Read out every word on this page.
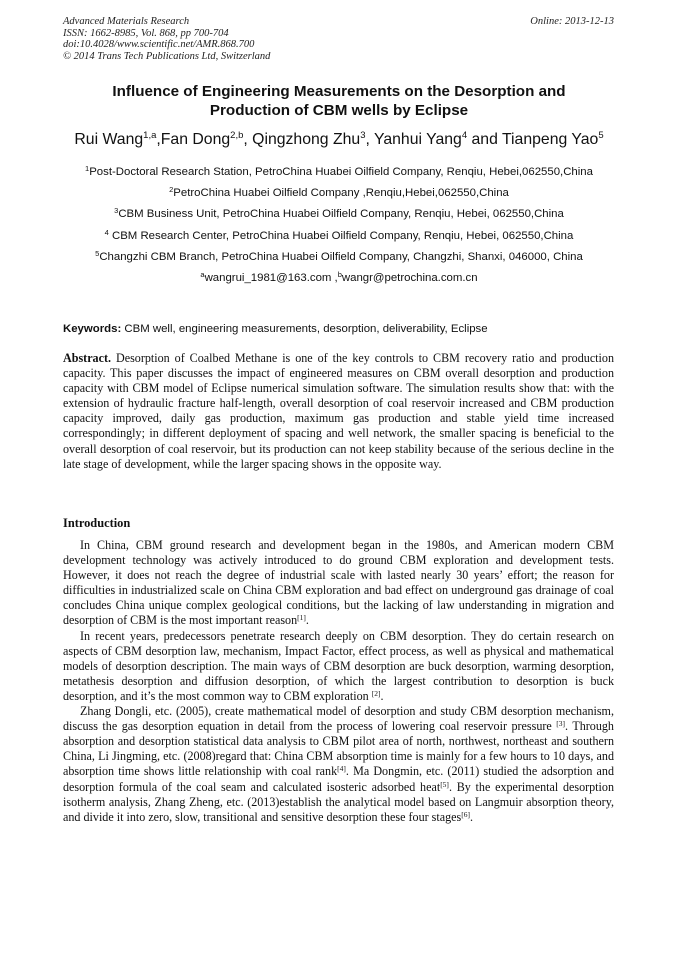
Advanced Materials Research
ISSN: 1662-8985, Vol. 868, pp 700-704
doi:10.4028/www.scientific.net/AMR.868.700
© 2014 Trans Tech Publications Ltd, Switzerland
Online: 2013-12-13
Influence of Engineering Measurements on the Desorption and
Production of CBM wells by Eclipse
Rui Wang$^{1,a}$,Fan Dong$^{2,b}$, Qingzhong Zhu$^3$, Yanhui Yang$^4$ and Tianpeng Yao$^5$
$^1$Post-Doctoral Research Station, PetroChina Huabei Oilfield Company, Renqiu, Hebei,062550,China
$^2$PetroChina Huabei Oilfield Company ,Renqiu,Hebei,062550,China
$^3$CBM Business Unit, PetroChina Huabei Oilfield Company, Renqiu, Hebei, 062550,China
$^4$ CBM Research Center, PetroChina Huabei Oilfield Company, Renqiu, Hebei, 062550,China
$^5$Changzhi CBM Branch, PetroChina Huabei Oilfield Company, Changzhi, Shanxi, 046000, China
$^a$wangrui_1981@163.com ,$^b$wangr@petrochina.com.cn
Keywords: CBM well, engineering measurements, desorption, deliverability, Eclipse
Abstract. Desorption of Coalbed Methane is one of the key controls to CBM recovery ratio and production capacity. This paper discusses the impact of engineered measures on CBM overall desorption and production capacity with CBM model of Eclipse numerical simulation software. The simulation results show that: with the extension of hydraulic fracture half-length, overall desorption of coal reservoir increased and CBM production capacity improved, daily gas production, maximum gas production and stable yield time increased correspondingly; in different deployment of spacing and well network, the smaller spacing is beneficial to the overall desorption of coal reservoir, but its production can not keep stability because of the serious decline in the late stage of development, while the larger spacing shows in the opposite way.
Introduction

In China, CBM ground research and development began in the 1980s, and American modern CBM development technology was actively introduced to do ground CBM exploration and development tests. However, it does not reach the degree of industrial scale with lasted nearly 30 years’ effort; the reason for difficulties in industrialized scale on China CBM exploration and bad effect on underground gas drainage of coal concludes China unique complex geological conditions, but the lacking of law understanding in migration and desorption of CBM is the most important reason[1].

In recent years, predecessors penetrate research deeply on CBM desorption. They do certain research on aspects of CBM desorption law, mechanism, Impact Factor, effect process, as well as physical and mathematical models of desorption description. The main ways of CBM desorption are buck desorption, warming desorption, metathesis desorption and diffusion desorption, of which the largest contribution to desorption is buck desorption, and it’s the most common way to CBM exploration [2].

Zhang Dongli, etc. (2005), create mathematical model of desorption and study CBM desorption mechanism, discuss the gas desorption equation in detail from the process of lowering coal reservoir pressure [3]. Through absorption and desorption statistical data analysis to CBM pilot area of north, northwest, northeast and southern China, Li Jingming, etc. (2008)regard that: China CBM absorption time is mainly for a few hours to 10 days, and absorption time shows little relationship with coal rank[4]. Ma Dongmin, etc. (2011) studied the adsorption and desorption formula of the coal seam and calculated isosteric adsorbed heat[5]. By the experimental desorption isotherm analysis, Zhang Zheng, etc. (2013)establish the analytical model based on Langmuir absorption theory, and divide it into zero, slow, transitional and sensitive desorption these four stages[6].
